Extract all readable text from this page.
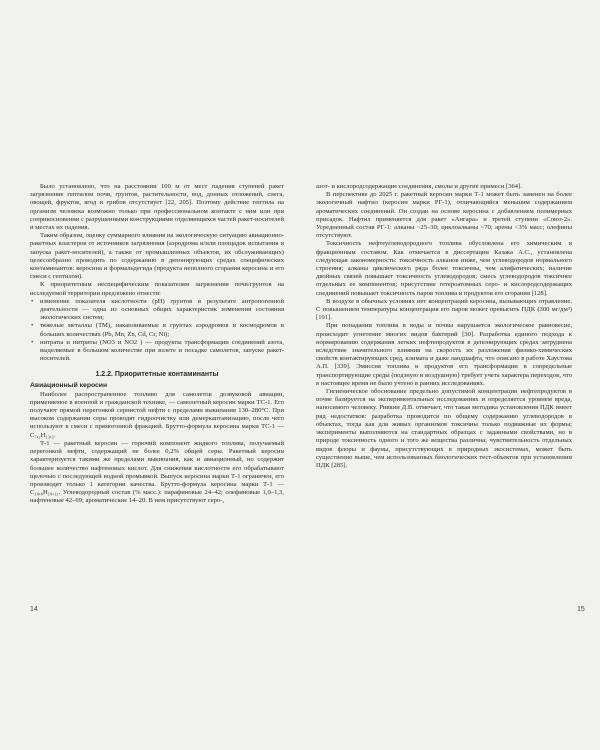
Было установлено, что на расстоянии 100 м от мест падения ступеней ракет загрязнение гептилом почв, грунтов, растительности, вод, донных отложений, снега, овощей, фруктов, ягод и грибов отсутствует [22, 205]. Поэтому действие гептила на организм человека возможно только при профессиональном контакте с ним или при соприкосновении с разрушенными конструкциями отделяющихся частей ракет-носителей и местах их падения.

Таким образом, оценку суммарного влияния на экологическую ситуацию авиационно-ракетных кластеров от источников загрязнения (аэродрома и/или площадок испытания и запуска ракет-носителей), а также от промышленных объектов, их обслуживающих) целесообразно проводить по содержанию в депонирующих средах специфических контаминантов: керосина и формальдегида (продукта неполного сгорания керосина и его смеси с гептилом).

К приоритетным неспецифическим показателям загрязнения почв/грунтов на исследуемой территории предложено отнести:

• изменение показателя кислотности (рН) грунтов в результате антропогенной деятельности — одна из основных общих характеристик изменения состояния экологических систем;
• тяжелые металлы (ТМ), накапливаемые в грунтах аэродромов и космодромов в больших количествах (Pb, Mn, Zn, Cd, Cr, Ni);
• нитраты и нитриты (NO3 и NO2 ) — продукты трансформации соединений азота, выделяемые в большом количестве при взлете и посадке самолетов, запуске ракет-носителей.
1.2.2. Приоритетные контаминанты
Авиационный керосин

Наиболее распространенное топливо для самолетов дозвуковой авиации, применяемое в военной и гражданской технике, — самолетный керосин марки ТС-1. Его получают прямой перегонкой сернистой нефти с пределами выкипания 130–280°С. При высоком содержании серы проводят гидроочистку или демеркаптанизацию, после чего используют в смеси с прямогонной фракцией. Брутто-формула керосина марки ТС-1 — С₇,₂Н₁₃,₅.

Т-1 — ракетный керосин — горючий компонент жидкого топлива, получаемый перегонкой нефти, содержащий не более 0,2% общей серы. Ракетный керосин характеризуется такими же пределами выкипания, как и авиационный, но содержит большее количество нафтеновых кислот. Для снижения кислотности его обрабатывают щелочью с последующей водной промывкой. Выпуск керосина марки Т-1 ограничен, его производят только 1 категории качества. Брутто-формула керосина марки Т-1 — С₁₀,₀Н₁₉,₁₂. Углеводородный состав (% масс.): парафиновые 24–42; олефиновые 1,0–1,3, нафтеновые 42–69; ароматические 14–20. В нем присутствуют серо-,

14

азот- и кислородсодержащие соединения, смолы и другие примеси [364].

В перспективе до 2025 г. ракетный керосин марки Т-1 может быть заменен на более экологичный нафтил (керосин марки РГ-1), отличающийся меньшим содержанием ароматических соединений. Он создан на основе керосина с добавлением полимерных присадок. Нафтил применяется для ракет «Ангара» и третей ступени «Союз-2». Усредненный состав РГ-1: алканы ~25–30; циклоалканы ~70; арены <3% масс; олефины отсутствуют.

Токсичность нефтеуглеводородного топлива обусловлена его химическим и фракционным составом. Как отмечается в диссертации Казака А.С., установлена следующая закономерность: токсичность алканов ниже, чем углеводородов нормального строения; алканы циклического ряда более токсичны, чем алифатических; наличие двойных связей повышает токсичность углеводородов; смесь углеводородов токсичнее отдельных ее компонентов; присутствие гетероатомных серо- и кислородсодержащих соединений повышает токсичность паров топлива и продуктов его сгорания [128].

В воздухе в обычных условиях нет концентраций керосина, вызывающих отравление. С повышением температуры концентрация его паров может превысить ПДК (300 мг/дм³) [191].

При попадании топлива в воды и почвы нарушается экологическое равновесие, происходит угнетение многих видов бактерий [30]. Разработка единого подхода к нормированию содержания легких нефтепродуктов в депонирующих средах затруднена вследствие значительного влияния на скорость их разложения физико-химических свойств контактирующих сред, климата и даже ландшафта, что описано в работе Хаустова А.П. [339]. Эмиссия топлива и продуктов его трансформации в сопредельные транспортирующие среды (подзную и воздушную) требует учета характера переходов, что в настоящее время не было учтено в ранних исследованиях.

Гигиеническое обоснование предельно допустимой концентрации нефтепродуктов в почве базируется на экспериментальных исследованиях и определяется уровнем вреда, наносимого человеку. Ривкин Д.В. отмечает, что такая методика установления ПДК имеет ряд недостатков: разработка проводится по общему содержанию углеводородов в объектах, тогда как для живых организмов токсичны только подвижные их формы; эксперименты выполняются на стандартных образцах с заданными свойствами, но в природе токсичность одного и того же вещества различна; чувствительность отдельных видов флоры и фауны, присутствующих в природных экосистемах, может быть существенно выше, чем использованных биологических тест-объектов при установлении ПДК [285].

15
